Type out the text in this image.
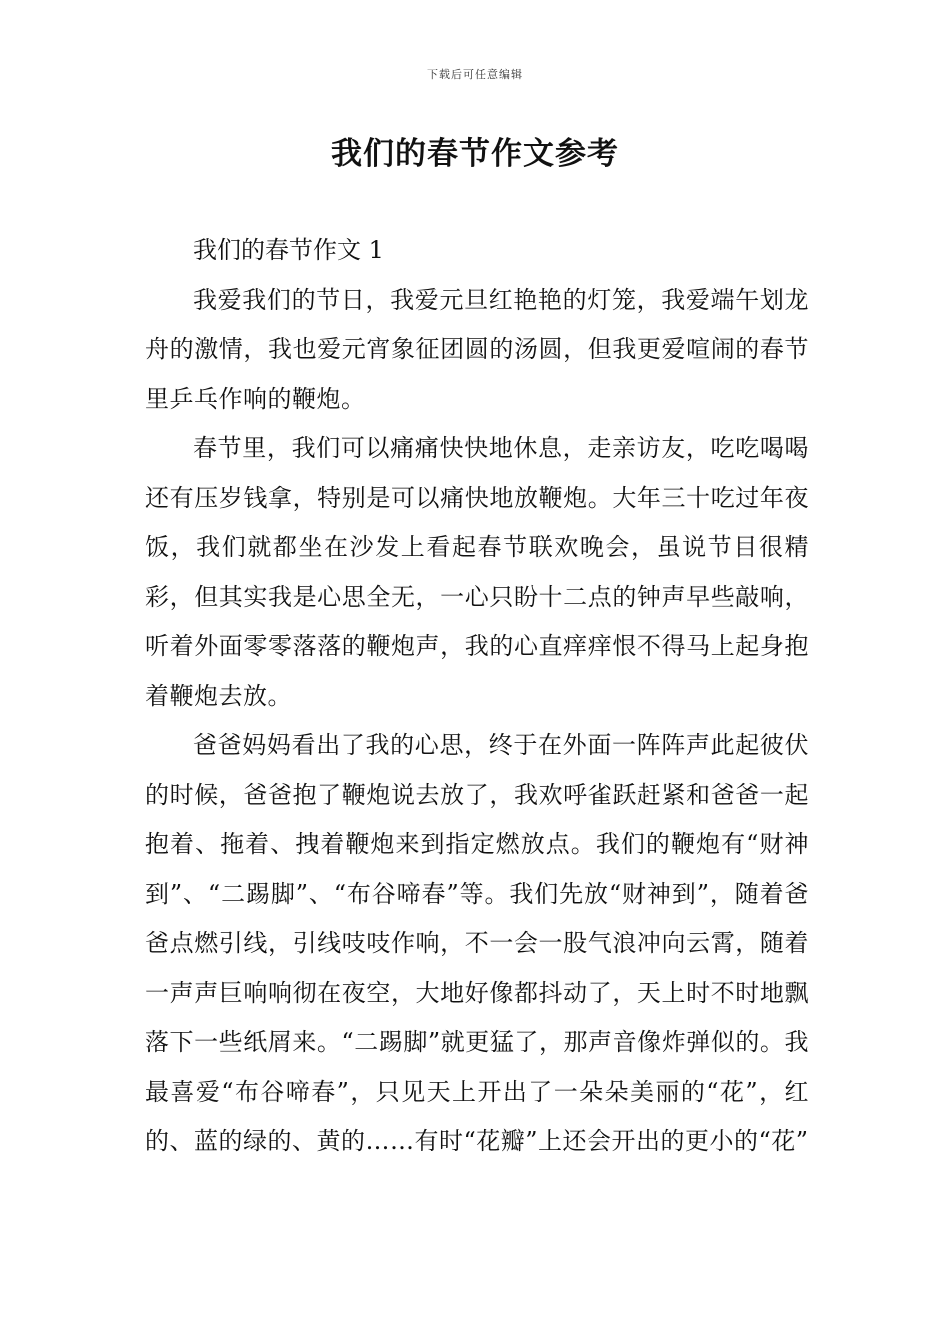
下载后可任意编辑
我们的春节作文参考

我们的春节作文 1

我爱我们的节日，我爱元旦红艳艳的灯笼，我爱端午划龙舟的激情，我也爱元宵象征团圆的汤圆，但我更爱喧闹的春节里乒乓作响的鞭炮。

春节里，我们可以痛痛快快地休息，走亲访友，吃吃喝喝还有压岁钱拿，特别是可以痛快地放鞭炮。大年三十吃过年夜饭，我们就都坐在沙发上看起春节联欢晚会，虽说节目很精彩，但其实我是心思全无，一心只盼十二点的钟声早些敲响，听着外面零零落落的鞭炮声，我的心直痒痒恨不得马上起身抱着鞭炮去放。

爸爸妈妈看出了我的心思，终于在外面一阵阵声此起彼伏的时候，爸爸抱了鞭炮说去放了，我欢呼雀跃赶紧和爸爸一起抱着、拖着、拽着鞭炮来到指定燃放点。我们的鞭炮有“财神到”、“二踢脚”、“布谷啼春”等。我们先放“财神到”，随着爸爸点燃引线，引线吱吱作响，不一会一股气浪冲向云霄，随着一声声巨响响彻在夜空，大地好像都抖动了，天上时不时地飘落下一些纸屑来。“二踢脚”就更猛了，那声音像炸弹似的。我最喜爱“布谷啼春”，只见天上开出了一朵朵美丽的“花”，红的、蓝的绿的、黄的……有时“花瓣”上还会开出的更小的“花”
